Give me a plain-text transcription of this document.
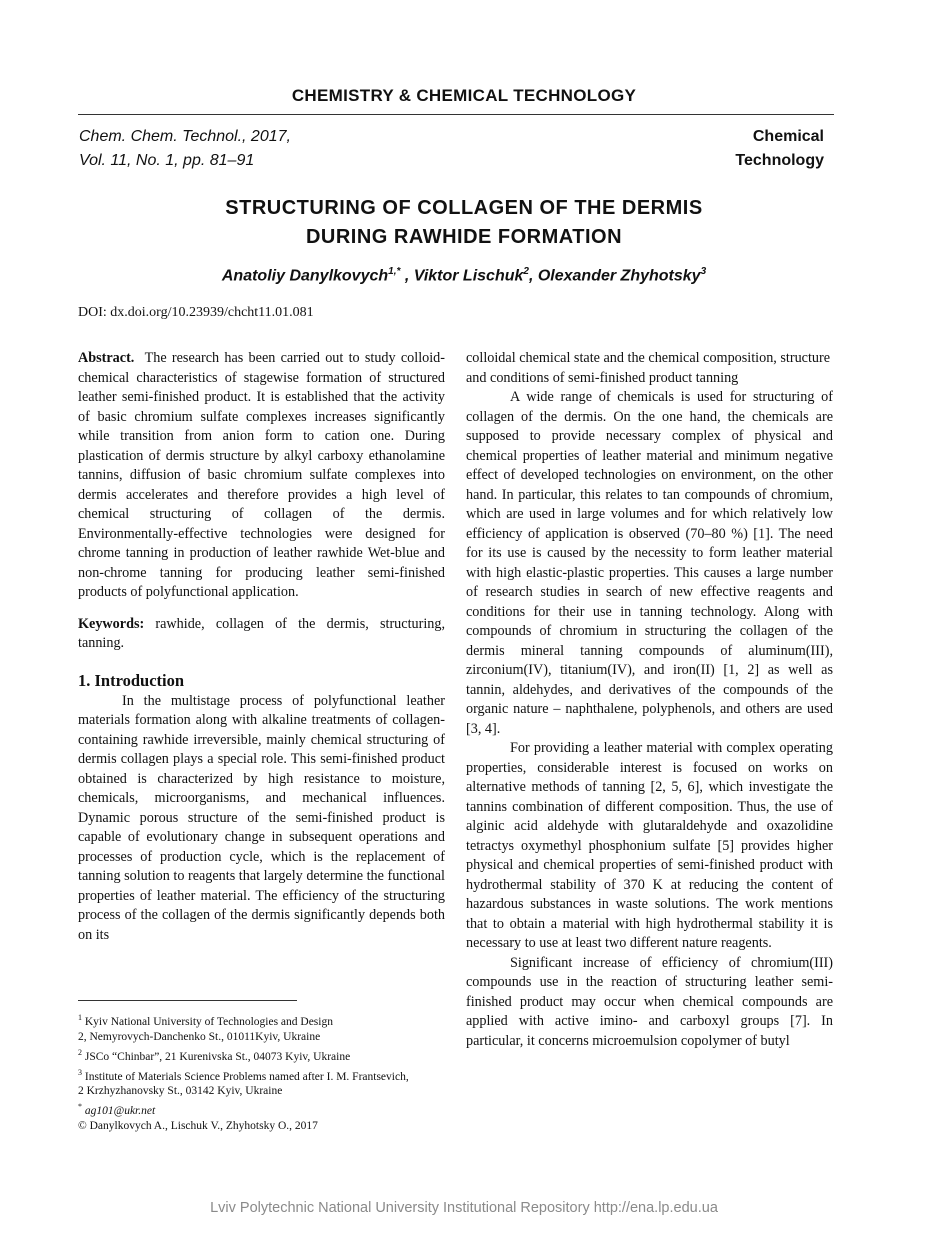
CHEMISTRY & CHEMICAL TECHNOLOGY
Chem. Chem. Technol., 2017,
Vol. 11, No. 1, pp. 81–91
Chemical
Technology
STRUCTURING OF COLLAGEN OF THE DERMIS
DURING RAWHIDE FORMATION
Anatoliy Danylkovych$^{1,*}$ , Viktor Lischuk$^2$, Olexander Zhyhotsky$^3$
DOI: dx.doi.org/10.23939/chcht11.01.081

Abstract. The research has been carried out to study colloid-chemical characteristics of stagewise formation of structured leather semi-finished product. It is established that the activity of basic chromium sulfate complexes increases significantly while transition from anion form to cation one. During plastication of dermis structure by alkyl carboxy ethanolamine tannins, diffusion of basic chromium sulfate complexes into dermis accelerates and therefore provides a high level of chemical structuring of collagen of the dermis. Environmentally-effective technologies were designed for chrome tanning in production of leather rawhide Wet-blue and non-chrome tanning for producing leather semi-finished products of polyfunctional application.

Keywords: rawhide, collagen of the dermis, structuring, tanning.

1. Introduction

In the multistage process of polyfunctional leather materials formation along with alkaline treatments of collagen-containing rawhide irreversible, mainly chemical structuring of dermis collagen plays a special role. This semi-finished product obtained is characterized by high resistance to moisture, chemicals, microorganisms, and mechanical influences. Dynamic porous structure of the semi-finished product is capable of evolutionary change in subsequent operations and processes of production cycle, which is the replacement of tanning solution to reagents that largely determine the functional properties of leather material. The efficiency of the structuring process of the collagen of the dermis significantly depends both on its

colloidal chemical state and the chemical composition, structure and conditions of semi-finished product tanning

A wide range of chemicals is used for structuring of collagen of the dermis. On the one hand, the chemicals are supposed to provide necessary complex of physical and chemical properties of leather material and minimum negative effect of developed technologies on environment, on the other hand. In particular, this relates to tan compounds of chromium, which are used in large volumes and for which relatively low efficiency of application is observed (70–80 %) [1]. The need for its use is caused by the necessity to form leather material with high elastic-plastic properties. This causes a large number of research studies in search of new effective reagents and conditions for their use in tanning technology. Along with compounds of chromium in structuring the collagen of the dermis mineral tanning compounds of aluminum(III), zirconium(IV), titanium(IV), and iron(II) [1, 2] as well as tannin, aldehydes, and derivatives of the compounds of the organic nature – naphthalene, polyphenols, and others are used [3, 4].

For providing a leather material with complex operating properties, considerable interest is focused on works on alternative methods of tanning [2, 5, 6], which investigate the tannins combination of different composition. Thus, the use of alginic acid aldehyde with glutaraldehyde and oxazolidine tetractys oxymethyl phosphonium sulfate [5] provides higher physical and chemical properties of semi-finished product with hydrothermal stability of 370 K at reducing the content of hazardous substances in waste solutions. The work mentions that to obtain a material with high hydrothermal stability it is necessary to use at least two different nature reagents.

Significant increase of efficiency of chromium(III) compounds use in the reaction of structuring leather semi-finished product may occur when chemical compounds are applied with active imino- and carboxyl groups [7]. In particular, it concerns microemulsion copolymer of butyl

$^1$ Kyiv National University of Technologies and Design

2, Nemyrovych-Danchenko St., 01011Kyiv, Ukraine

$^2$ JSCo “Chinbar”, 21 Kurenivska St., 04073 Kyiv, Ukraine

$^3$ Institute of Materials Science Problems named after I. M. Frantsevich,

2 Krzhyzhanovsky St., 03142 Kyiv, Ukraine

* ag101@ukr.net

© Danylkovych A., Lischuk V., Zhyhotsky O., 2017

Lviv Polytechnic National University Institutional Repository http://ena.lp.edu.ua
